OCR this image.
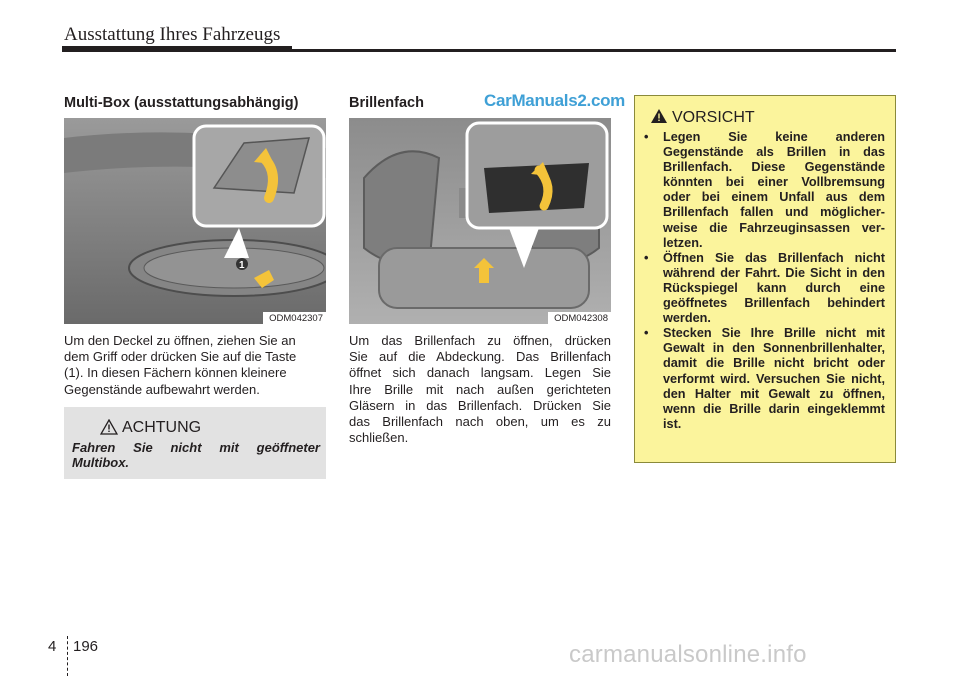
Ausstattung Ihres Fahrzeugs
Multi-Box (ausstattungsabhängig)
1
ODM042307
Um den Deckel zu öffnen, ziehen Sie an
dem Griff oder drücken Sie auf die Taste
(1). In diesen Fächern können kleinere
Gegenstände aufbewahrt werden.
ACHTUNG
Fahren Sie nicht mit geöffneter
Multibox.
Brillenfach	CarManuals2.com
ODM042308
Um das Brillenfach zu öffnen, drücken
Sie auf die Abdeckung. Das Brillenfach
öffnet sich danach langsam. Legen Sie
Ihre Brille mit nach außen gerichteten
Gläsern in das Brillenfach. Drücken Sie
das Brillenfach nach oben, um es zu
schließen.
VORSICHT
• Legen Sie keine anderen Gegenstände als Brillen in das Brillenfach. Diese Gegenstände könnten bei einer Vollbremsung oder bei einem Unfall aus dem Brillenfach fallen und möglicher-weise die Fahrzeuginsassen ver-letzen.
• Öffnen Sie das Brillenfach nicht während der Fahrt. Die Sicht in den Rückspiegel kann durch eine geöffnetes Brillenfach behindert werden.
• Stecken Sie Ihre Brille nicht mit Gewalt in den Sonnenbrillenhalter, damit die Brille nicht bricht oder verformt wird. Versuchen Sie nicht, den Halter mit Gewalt zu öffnen, wenn die Brille darin eingeklemmt ist.
4 196	carmanualsonline.info
